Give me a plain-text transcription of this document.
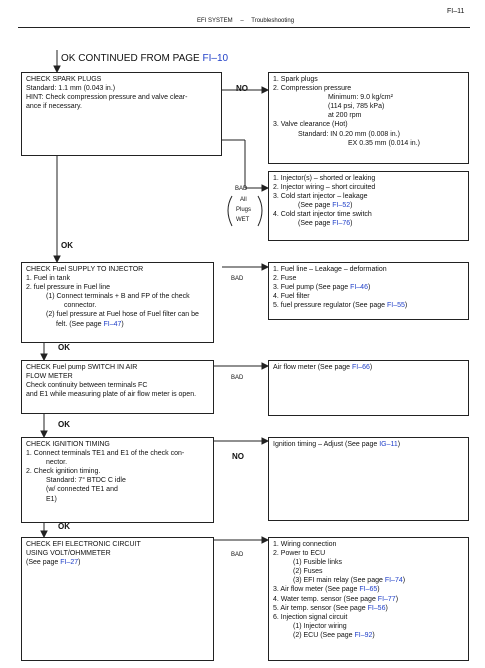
FI–11
EFI SYSTEM – Troubleshooting
OK CONTINUED FROM PAGE FI–10
CHECK SPARK PLUGS
Standard: 1.1 mm (0.043 in.)
HINT: Check compression pressure and valve clear-
ance if necessary.
NO
1. Spark plugs
2. Compression pressure
Minimum: 9.0 kg/cm²
(114 psi, 785 kPa)
at 200 rpm
3. Valve clearance (Hot)
Standard: IN 0.20 mm (0.008 in.)
EX 0.35 mm (0.014 in.)
BAD
All
Plugs
WET
1. Injector(s) – shorted or leaking
2. Injector wiring – short circuited
3. Cold start injector – leakage
(See page FI–52)
4. Cold start injector time switch
(See page FI–76)
OK
CHECK Fuel SUPPLY TO INJECTOR
1. Fuel in tank
2. fuel pressure in Fuel line
(1) Connect terminals + B and FP of the check
connector.
(2) fuel pressure at Fuel hose of Fuel filter can be
felt. (See page FI–47)
BAD
1. Fuel line – Leakage – deformation
2. Fuse
3. Fuel pump (See page FI–46)
4. Fuel filter
5. fuel pressure regulator (See page FI–55)
OK
CHECK Fuel pump SWITCH IN AIR
FLOW METER
Check continuity between terminals FC
and E1 while measuring plate of air flow meter is open.
BAD
Air flow meter (See page FI–66)
OK
CHECK IGNITION TIMING
1. Connect terminals TE1 and E1 of the check con-
nector.
2. Check ignition timing.
Standard: 7° BTDC C idle
(w/ connected TE1 and
E1)
NO
Ignition timing – Adjust (See page IG–11)
OK
CHECK EFI ELECTRONIC CIRCUIT
USING VOLT/OHMMETER
(See page FI–27)
BAD
1. Wiring connection
2. Power to ECU
(1) Fusible links
(2) Fuses
(3) EFI main relay (See page FI–74)
3. Air flow meter (See page FI–65)
4. Water temp. sensor (See page FI–77)
5. Air temp. sensor (See page FI–56)
6. Injection signal circuit
(1) Injector wiring
(2) ECU (See page FI–92)
